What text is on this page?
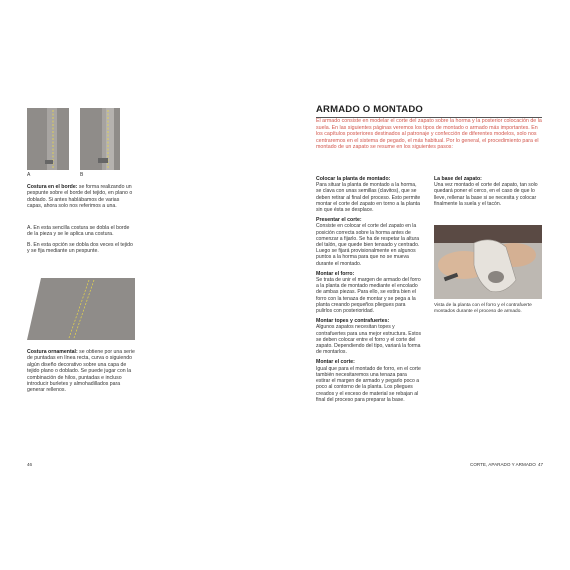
A	B
Costura en el borde: se forma realizando un pespunte sobre el borde del tejido, en plano o doblado. Si antes hablábamos de varias capas, ahora solo nos referimos a una.
A. En esta sencilla costura se dobla el borde de la pieza y se le aplica una costura.
B. En esta opción se dobla dos veces el tejido y se fija mediante un pespunte.
Costura ornamental: se obtiene por una serie de puntadas en línea recta, curva o siguiendo algún diseño decorativo sobre una capa de tejido plano o doblado. Se puede jugar con la combinación de hilos, puntadas e incluso introducir burletes y almohadillados para generar rellenos.
46
ARMADO O MONTADO
El armado consiste en modelar el corte del zapato sobre la horma y la posterior colocación de la suela. En las siguientes páginas veremos los tipos de montado o armado más importantes. En los capítulos posteriores destinados al patronaje y confección de diferentes modelos, solo nos centraremos en el sistema de pegado, el más habitual. Por lo general, el procedimiento para el montado de un zapato se resume en los siguientes pasos:

Colocar la planta de montado:
Para situar la planta de montado a la horma, se clava con unas semillas (clavitos), que se deben retirar al final del proceso. Esto permite montar el corte del zapato en torno a la planta sin que ésta se desplace.

Presentar el corte:
Consiste en colocar el corte del zapato en la posición correcta sobre la horma antes de comenzar a fijarlo. Se ha de respetar la altura del talón, que quede bien tensado y centrado. Luego se fijará provisionalmente en algunos puntos a la horma para que no se mueva durante el montado.

Montar el forro:
Se trata de unir el margen de armado del forro a la planta de montado mediante el encolado de ambas piezas. Para ello, se estira bien el forro con la tenaza de montar y se pega a la planta creando pequeños pliegues para pulirlos con posterioridad.

Montar topes y contrafuertes:
Algunos zapatos necesitan topes y contrafuertes para una mejor estructura. Estos se deben colocar entre el forro y el corte del zapato. Dependiendo del tipo, variará la forma de montarlos.

Montar el corte:
Igual que para el montado de forro, en el corte también necesitaremos una tenaza para estirar el margen de armado y pegarlo poco a poco al contorno de la planta. Los pliegues creados y el exceso de material se rebajan al final del proceso para preparar la base.

La base del zapato:
Una vez montado el corte del zapato, tan solo quedará poner el cerco, en el caso de que lo lleve, rellenar la base si se necesita y colocar finalmente la suela y el tacón.

Vista de la planta con el forro y el contrafuerte montados durante el proceso de armado.
CORTE, APARADO Y ARMADO 47
